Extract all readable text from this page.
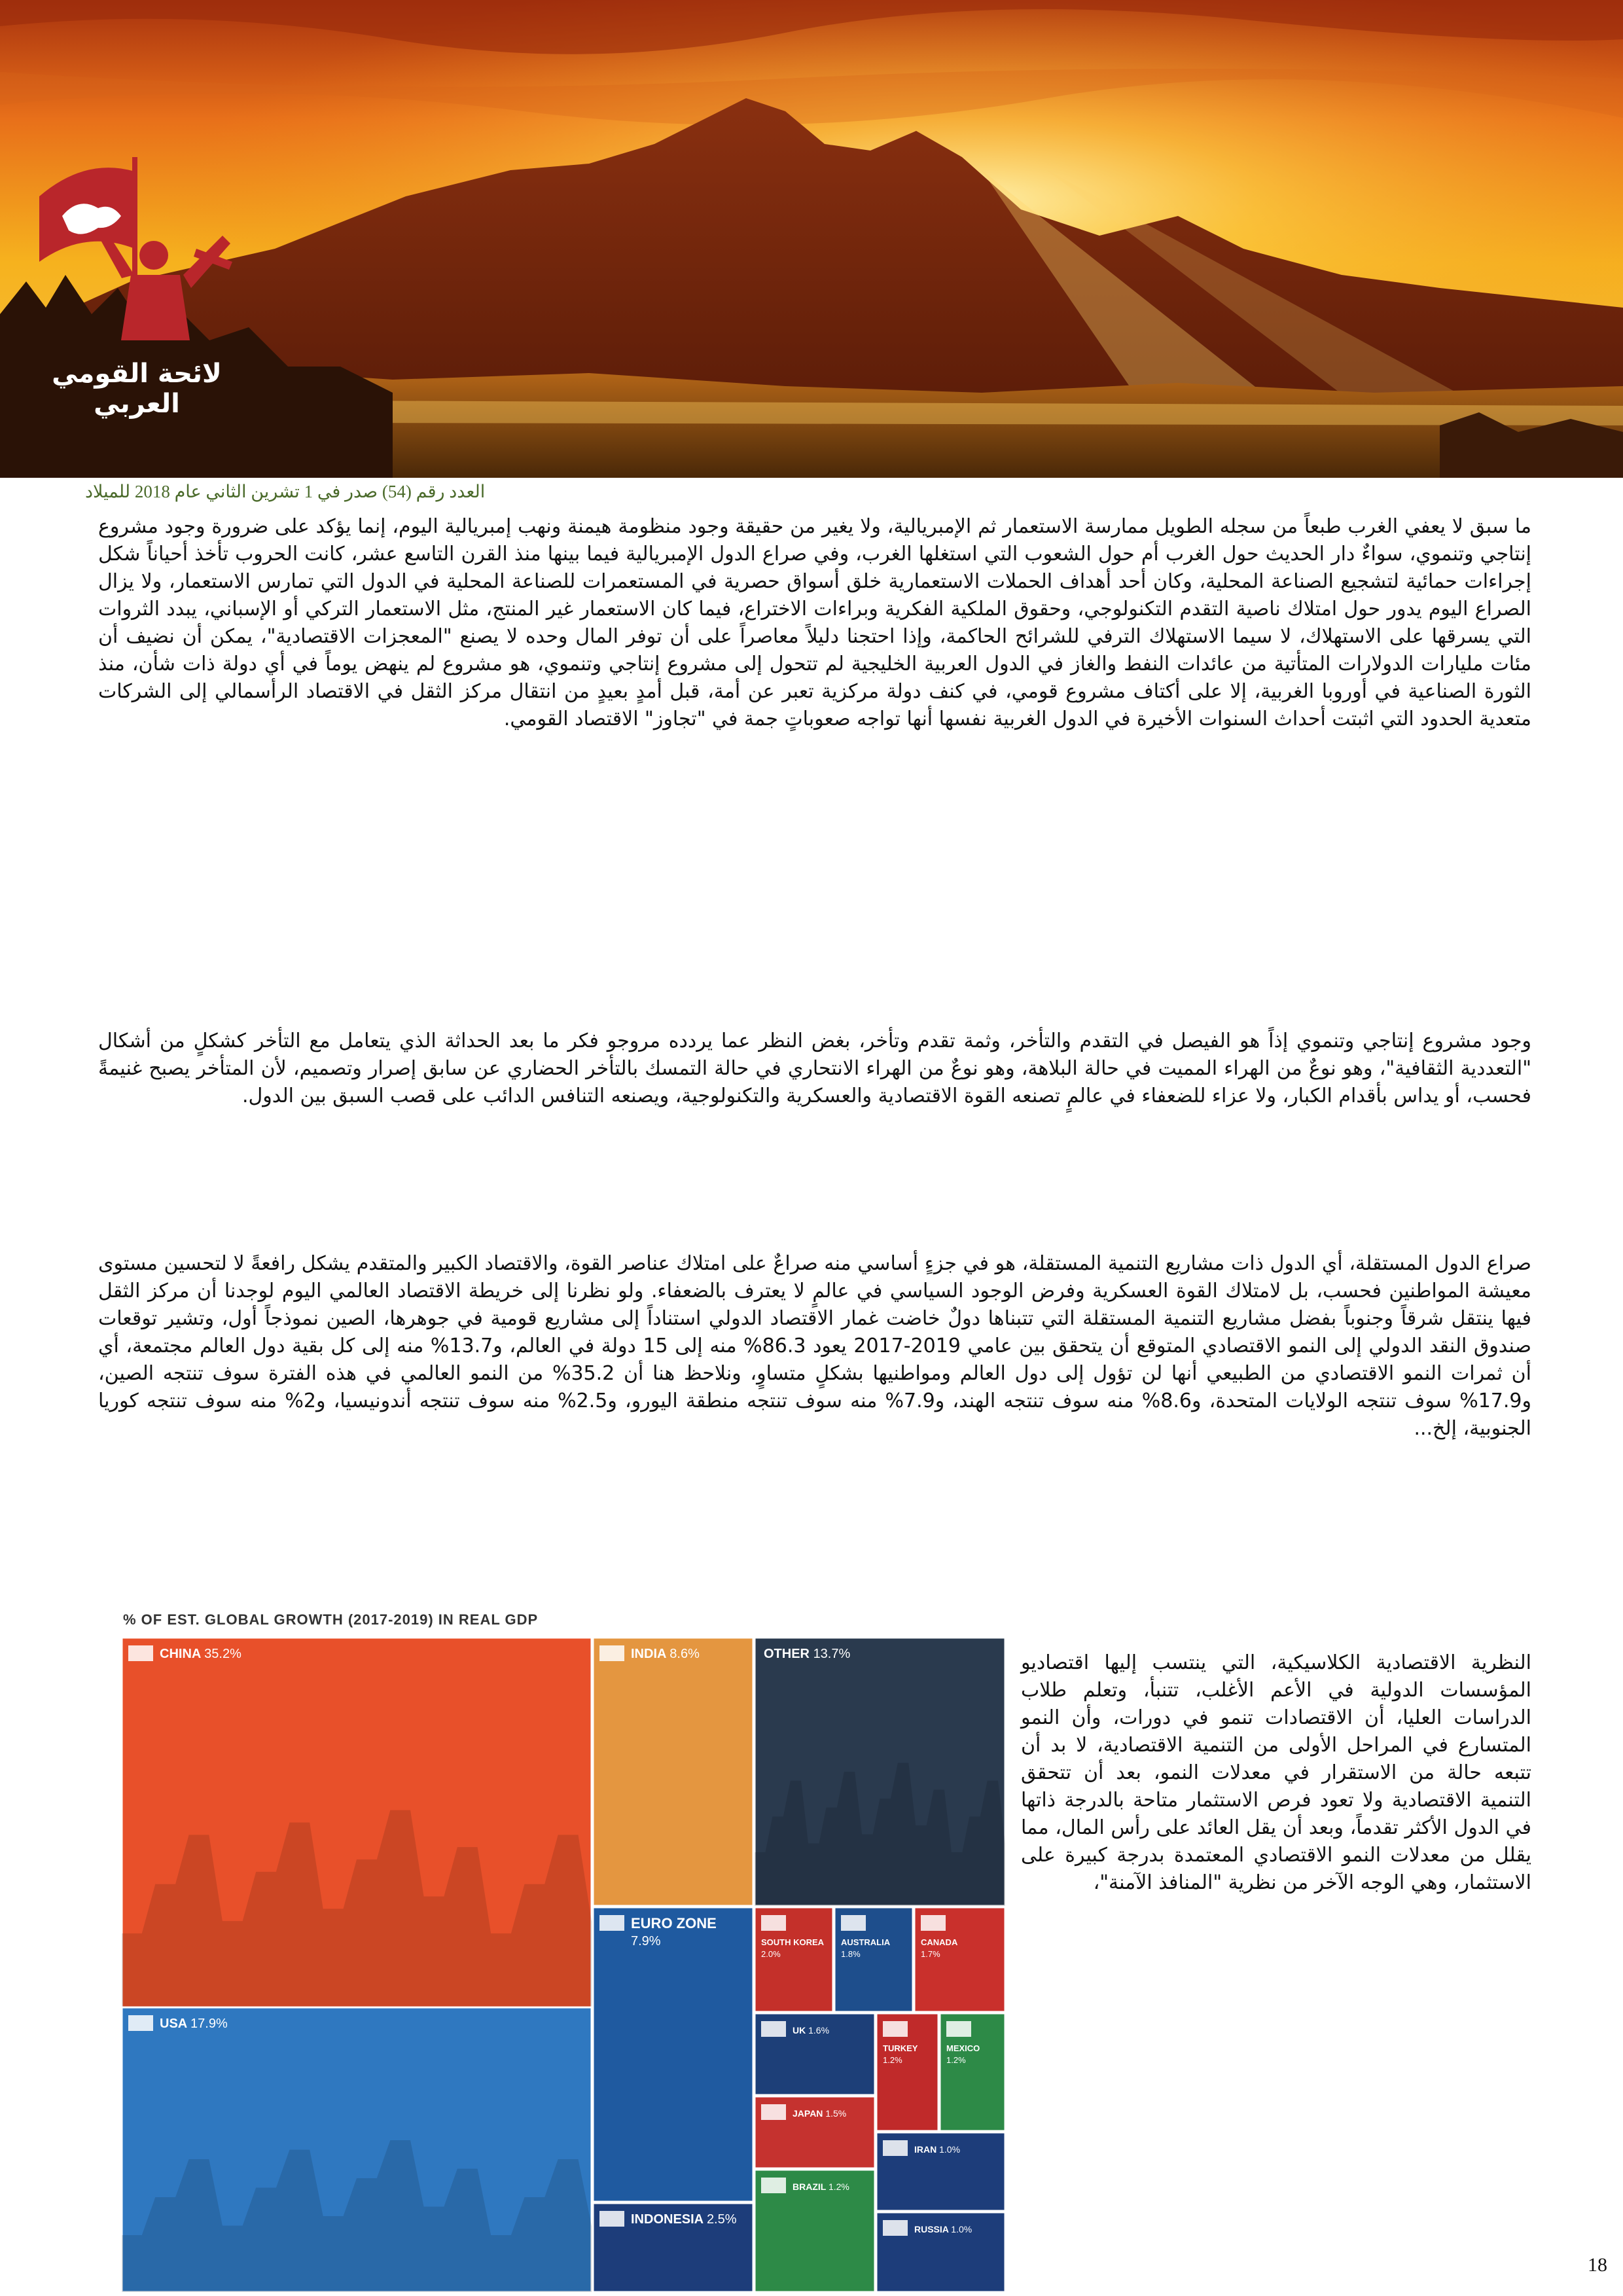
لائحة القومي العربي
العدد رقم (54) صدر في 1 تشرين الثاني عام 2018 للميلاد

ما سبق لا يعفي الغرب طبعاً من سجله الطويل ممارسة الاستعمار ثم الإمبريالية، ولا يغير من حقيقة وجود منظومة هيمنة ونهب إمبريالية اليوم، إنما يؤكد على ضرورة وجود مشروع إنتاجي وتنموي، سواءٌ دار الحديث حول الغرب أم حول الشعوب التي استغلها الغرب، وفي صراع الدول الإمبريالية فيما بينها منذ القرن التاسع عشر، كانت الحروب تأخذ أحياناً شكل إجراءات حمائية لتشجيع الصناعة المحلية، وكان أحد أهداف الحملات الاستعمارية خلق أسواق حصرية في المستعمرات للصناعة المحلية في الدول التي تمارس الاستعمار، ولا يزال الصراع اليوم يدور حول امتلاك ناصية التقدم التكنولوجي، وحقوق الملكية الفكرية وبراءات الاختراع، فيما كان الاستعمار غير المنتج، مثل الاستعمار التركي أو الإسباني، يبدد الثروات التي يسرقها على الاستهلاك، لا سيما الاستهلاك الترفي للشرائح الحاكمة، وإذا احتجنا دليلاً معاصراً على أن توفر المال وحده لا يصنع "المعجزات الاقتصادية"، يمكن أن نضيف أن مئات مليارات الدولارات المتأتية من عائدات النفط والغاز في الدول العربية الخليجية لم تتحول إلى مشروع إنتاجي وتنموي، هو مشروع لم ينهض يوماً في أي دولة ذات شأن، منذ الثورة الصناعية في أوروبا الغربية، إلا على أكتاف مشروع قومي، في كنف دولة مركزية تعبر عن أمة، قبل أمدٍ بعيدٍ من انتقال مركز الثقل في الاقتصاد الرأسمالي إلى الشركات متعدية الحدود التي اثبتت أحداث السنوات الأخيرة في الدول الغربية نفسها أنها تواجه صعوباتٍ جمة في "تجاوز" الاقتصاد القومي.

وجود مشروع إنتاجي وتنموي إذاً هو الفيصل في التقدم والتأخر، وثمة تقدم وتأخر، بغض النظر عما يردده مروجو فكر ما بعد الحداثة الذي يتعامل مع التأخر كشكلٍ من أشكال "التعددية الثقافية"، وهو نوعٌ من الهراء المميت في حالة البلاهة، وهو نوعٌ من الهراء الانتحاري في حالة التمسك بالتأخر الحضاري عن سابق إصرار وتصميم، لأن المتأخر يصبح غنيمةً فحسب، أو يداس بأقدام الكبار، ولا عزاء للضعفاء في عالمٍ تصنعه القوة الاقتصادية والعسكرية والتكنولوجية، ويصنعه التنافس الدائب على قصب السبق بين الدول.

صراع الدول المستقلة، أي الدول ذات مشاريع التنمية المستقلة، هو في جزءٍ أساسي منه صراعٌ على امتلاك عناصر القوة، والاقتصاد الكبير والمتقدم يشكل رافعةً لا لتحسين مستوى معيشة المواطنين فحسب، بل لامتلاك القوة العسكرية وفرض الوجود السياسي في عالمٍ لا يعترف بالضعفاء. ولو نظرنا إلى خريطة الاقتصاد العالمي اليوم لوجدنا أن مركز الثقل فيها ينتقل شرقاً وجنوباً بفضل مشاريع التنمية المستقلة التي تتبناها دولٌ خاضت غمار الاقتصاد الدولي استناداً إلى مشاريع قومية في جوهرها، الصين نموذجاً أول، وتشير توقعات صندوق النقد الدولي إلى النمو الاقتصادي المتوقع أن يتحقق بين عامي 2019-2017 يعود 86.3% منه إلى 15 دولة في العالم، و13.7% منه إلى كل بقية دول العالم مجتمعة، أي أن ثمرات النمو الاقتصادي من الطبيعي أنها لن تؤول إلى دول العالم ومواطنيها بشكلٍ متساوٍ، ونلاحظ هنا أن 35.2% من النمو العالمي في هذه الفترة سوف تنتجه الصين، و17.9% سوف تنتجه الولايات المتحدة، و8.6% منه سوف تنتجه الهند، و7.9% منه سوف تنتجه منطقة اليورو، و2.5% منه سوف تنتجه أندونيسيا، و2% منه سوف تنتجه كوريا الجنوبية، إلخ...

% OF EST. GLOBAL GROWTH (2017-2019) IN REAL GDP
CHINA 35.2%
USA 17.9%
INDIA 8.6%	OTHER 13.7%
EURO ZONE
7.9%	SOUTH KOREA
2.0%
AUSTRALIA
1.8%
CANADA
1.7%
UK 1.6%
TURKEY
1.2%
MEXICO
1.2%
JAPAN 1.5%
INDONESIA 2.5%
BRAZIL 1.2%
IRAN 1.0%
RUSSIA 1.0%

النظرية الاقتصادية الكلاسيكية، التي ينتسب إليها اقتصاديو المؤسسات الدولية في الأعم الأغلب، تتنبأ، وتعلم طلاب الدراسات العليا، أن الاقتصادات تنمو في دورات، وأن النمو المتسارع في المراحل الأولى من التنمية الاقتصادية، لا بد أن تتبعه حالة من الاستقرار في معدلات النمو، بعد أن تتحقق التنمية الاقتصادية ولا تعود فرص الاستثمار متاحة بالدرجة ذاتها في الدول الأكثر تقدماً، وبعد أن يقل العائد على رأس المال، مما يقلل من معدلات النمو الاقتصادي المعتمدة بدرجة كبيرة على الاستثمار، وهي الوجه الآخر من نظرية "المنافذ الآمنة"،

18
